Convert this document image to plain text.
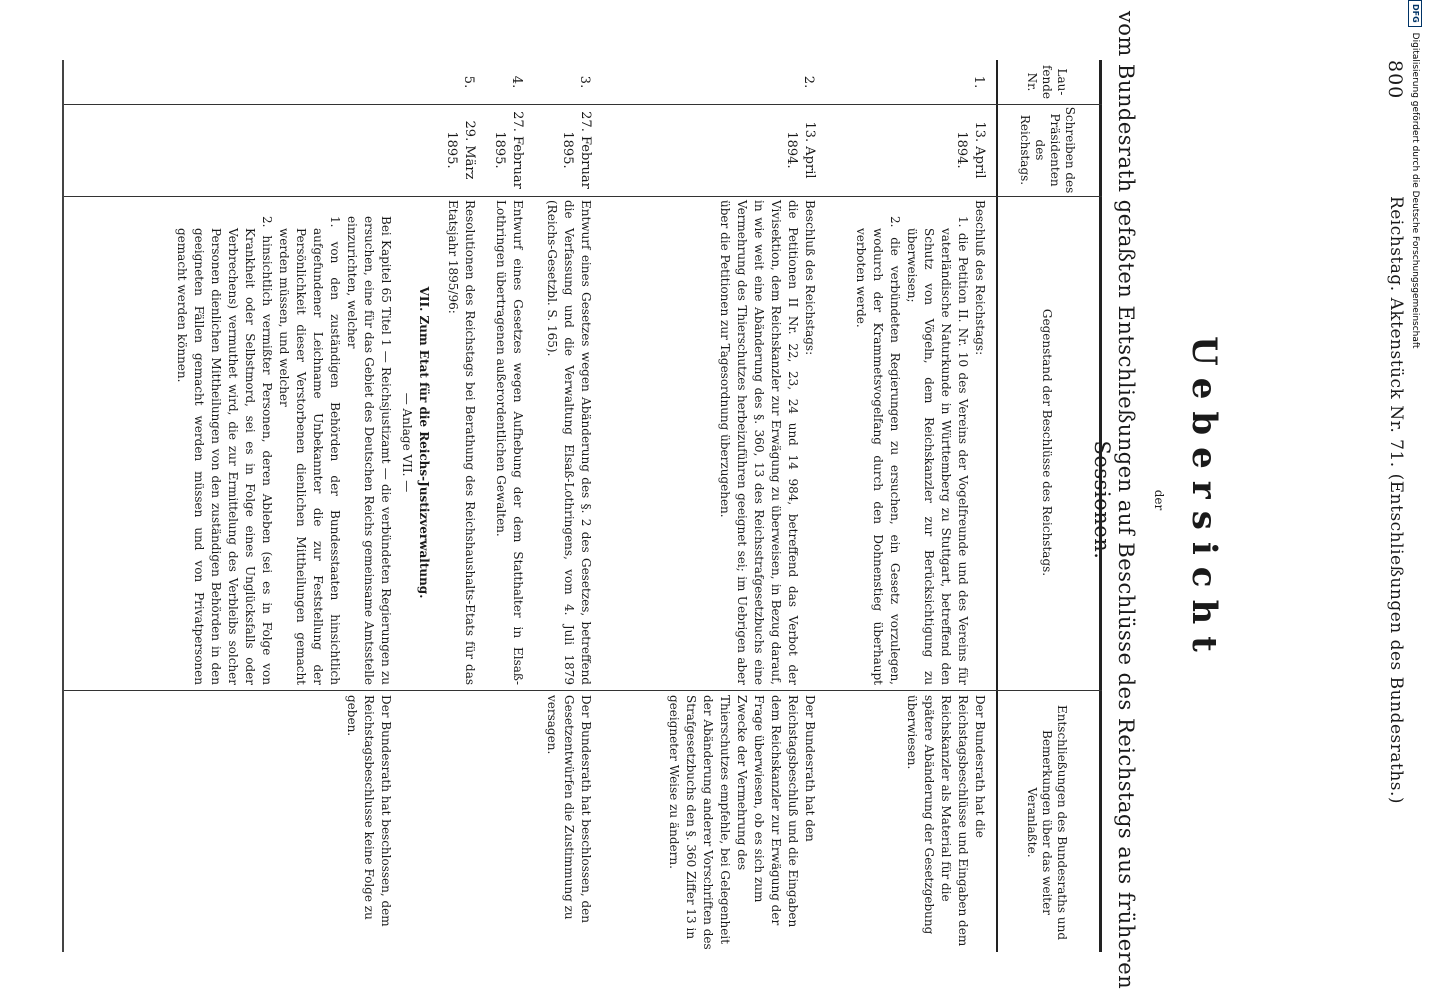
800
Reichstag. Aktenstück Nr. 71. (Entschließungen des Bundesraths.)
Uebersicht
der
vom Bundesrath gefaßten Entschließungen auf Beschlüsse des Reichstags aus früheren Sessionen.
Lau-fende Nr.
Schreiben des Präsidenten des Reichstags.
Gegenstand der Beschlüsse des Reichstags.
Entschließungen des Bundesraths und Bemerkungen über das weiter Veranlaßte.
1.
13. April 1894.
Beschluß des Reichstags:
1. die Petition II. Nr. 10 des Vereins der Vogelfreunde und des Vereins für vaterländische Naturkunde in Württemberg zu Stuttgart, betreffend den Schutz von Vögeln, dem Reichskanzler zur Berücksichtigung zu überweisen;
2. die verbündeten Regierungen zu ersuchen, ein Gesetz vorzulegen, wodurch der Krammetsvogelfang durch den Dohnenstieg überhaupt verboten werde.
Der Bundesrath hat die Reichstagsbeschlüsse und Eingaben dem Reichskanzler als Material für die spätere Abänderung der Gesetzgebung überwiesen.
2.
13. April 1894.
Beschluß des Reichstags:
die Petitionen II Nr. 22, 23, 24 und 14 984, betreffend das Verbot der Vivisektion, dem Reichskanzler zur Erwägung zu überweisen, in Bezug darauf, in wie weit eine Abänderung des §. 360, 13 des Reichsstrafgesetzbuchs eine Vermehrung des Thierschutzes herbeizuführen geeignet sei; im Uebrigen aber über die Petitionen zur Tagesordnung überzugehen.
Der Bundesrath hat den Reichstagsbeschluß und die Eingaben dem Reichskanzler zur Erwägung der Frage überwiesen, ob es sich zum Zwecke der Vermehrung des Thierschutzes empfehle, bei Gelegenheit der Abänderung anderer Vorschriften des Strafgesetzbuchs den §. 360 Ziffer 13 in geeigneter Weise zu ändern.
3.
27. Februar 1895.
Entwurf eines Gesetzes wegen Abänderung des §. 2 des Gesetzes, betreffend die Verfassung und die Verwaltung Elsaß-Lothringens, vom 4. Juli 1879 (Reichs-Gesetzbl. S. 165).
Der Bundesrath hat beschlossen, den Gesetzentwürfen die Zustimmung zu versagen.
4.
27. Februar 1895.
Entwurf eines Gesetzes wegen Aufhebung der dem Statthalter in Elsaß-Lothringen übertragenen außerordentlichen Gewalten.
5.
29. März 1895.
Resolutionen des Reichstags bei Berathung des Reichshaushalts-Etats für das Etatsjahr 1895/96:
VII. Zum Etat für die Reichs-Justizverwaltung.
— Anlage VII. —
Bei Kapitel 65 Titel 1 — Reichsjustizamt — die verbündeten Regierungen zu ersuchen, eine für das Gebiet des Deutschen Reichs gemeinsame Amtsstelle einzurichten, welcher
1. von den zuständigen Behörden der Bundesstaaten hinsichtlich aufgefundener Leichname Unbekannter die zur Feststellung der Persönlichkeit dieser Verstorbenen dienlichen Mittheilungen gemacht werden müssen, und welcher
2. hinsichtlich vermißter Personen, deren Ableben (sei es in Folge von Krankheit oder Selbstmord, sei es in Folge eines Unglücksfalls oder Verbrechens) vermuthet wird, die zur Ermittelung des Verbleibs solcher Personen dienlichen Mittheilungen von den zuständigen Behörden in den geeigneten Fällen gemacht werden müssen und von Privatpersonen gemacht werden können.
Der Bundesrath hat beschlossen, dem Reichstagsbeschlusse keine Folge zu geben.
DFGDigitalisierung gefördert durch die Deutsche Forschungsgemeinschaft
